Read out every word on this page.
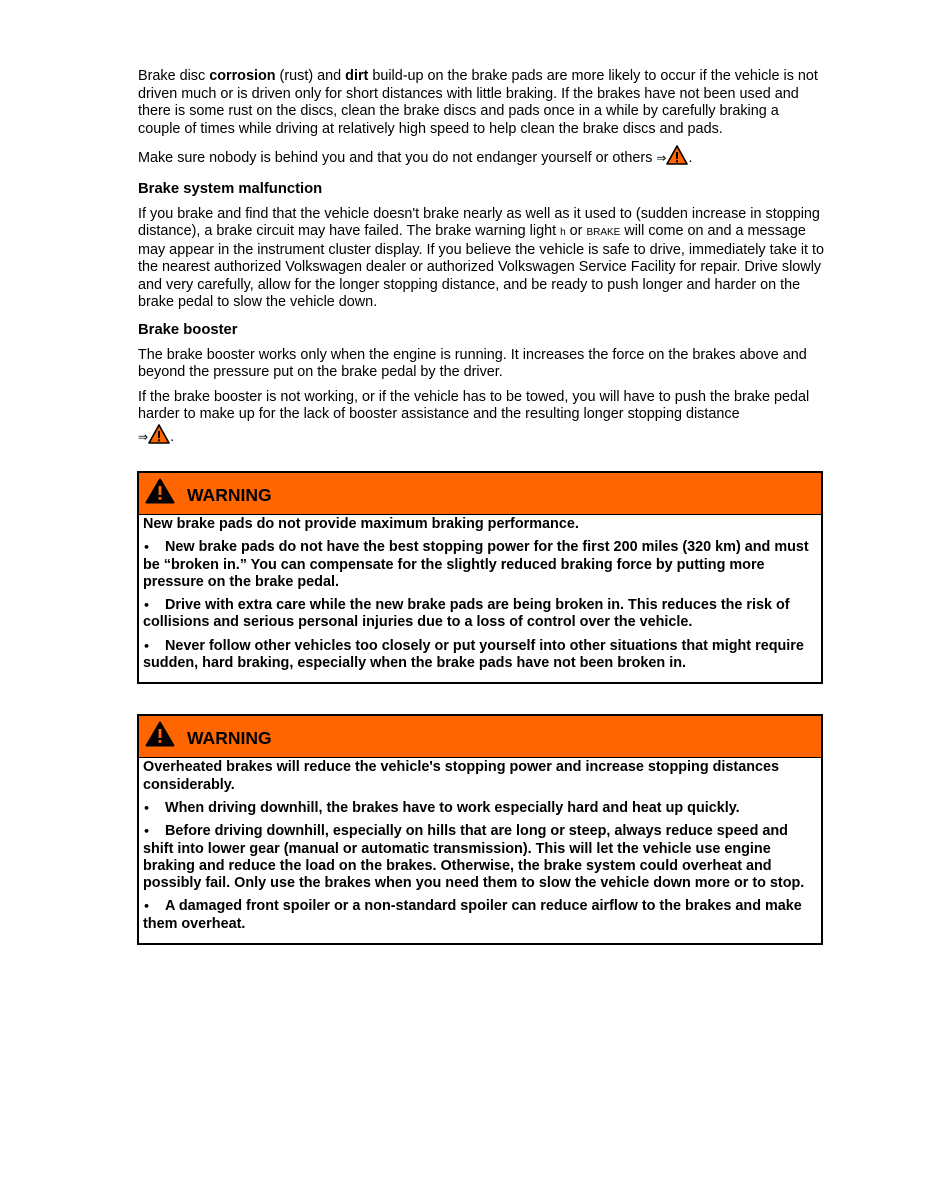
Brake disc corrosion (rust) and dirt build-up on the brake pads are more likely to occur if the vehicle is not driven much or is driven only for short distances with little braking. If the brakes have not been used and there is some rust on the discs, clean the brake discs and pads once in a while by carefully braking a couple of times while driving at relatively high speed to help clean the brake discs and pads.

Make sure nobody is behind you and that you do not endanger yourself or others ⇒ .

Brake system malfunction

If you brake and find that the vehicle doesn't brake nearly as well as it used to (sudden increase in stopping distance), a brake circuit may have failed. The brake warning light h or BRAKE will come on and a message may appear in the instrument cluster display. If you believe the vehicle is safe to drive, immediately take it to the nearest authorized Volkswagen dealer or authorized Volkswagen Service Facility for repair. Drive slowly and very carefully, allow for the longer stopping distance, and be ready to push longer and harder on the brake pedal to slow the vehicle down.

Brake booster

The brake booster works only when the engine is running. It increases the force on the brakes above and beyond the pressure put on the brake pedal by the driver.

If the brake booster is not working, or if the vehicle has to be towed, you will have to push the brake pedal harder to make up for the lack of booster assistance and the resulting longer stopping distance
⇒ .

WARNING

New brake pads do not provide maximum braking performance.

• New brake pads do not have the best stopping power for the first 200 miles (320 km) and must be “broken in.” You can compensate for the slightly reduced braking force by putting more pressure on the brake pedal.

• Drive with extra care while the new brake pads are being broken in. This reduces the risk of collisions and serious personal injuries due to a loss of control over the vehicle.

• Never follow other vehicles too closely or put yourself into other situations that might require sudden, hard braking, especially when the brake pads have not been broken in.

WARNING

Overheated brakes will reduce the vehicle's stopping power and increase stopping distances considerably.

• When driving downhill, the brakes have to work especially hard and heat up quickly.

• Before driving downhill, especially on hills that are long or steep, always reduce speed and shift into lower gear (manual or automatic transmission). This will let the vehicle use engine braking and reduce the load on the brakes. Otherwise, the brake system could overheat and possibly fail. Only use the brakes when you need them to slow the vehicle down more or to stop.

• A damaged front spoiler or a non-standard spoiler can reduce airflow to the brakes and make them overheat.
